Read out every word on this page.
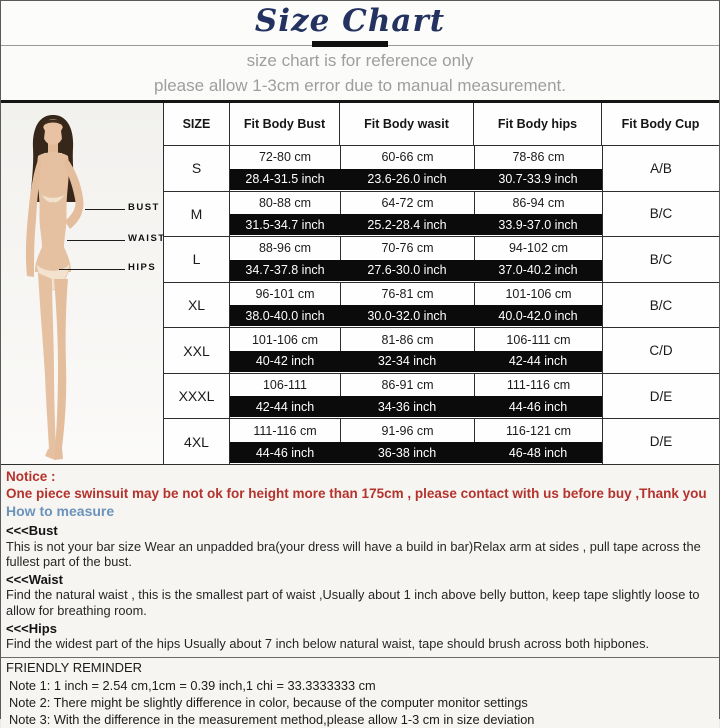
Size Chart
size chart is for reference only
please allow 1-3cm error due to manual measurement.
BUST
WAIST
HIPS
SIZE	Fit Body Bust	Fit Body wasit	Fit Body hips	Fit Body Cup
S
72-80 cm	60-66 cm	78-86 cm
28.4-31.5 inch	23.6-26.0 inch	30.7-33.9 inch
A/B
M
80-88 cm	64-72 cm	86-94 cm
31.5-34.7 inch	25.2-28.4 inch	33.9-37.0 inch
B/C
L
88-96 cm	70-76 cm	94-102 cm
34.7-37.8 inch	27.6-30.0 inch	37.0-40.2 inch
B/C
XL
96-101 cm	76-81 cm	101-106 cm
38.0-40.0 inch	30.0-32.0 inch	40.0-42.0 inch
B/C
XXL
101-106 cm	81-86 cm	106-111 cm
40-42 inch	32-34 inch	42-44 inch
C/D
XXXL
106-111	86-91 cm	111-116 cm
42-44 inch	34-36 inch	44-46 inch
D/E
4XL
111-116 cm	91-96 cm	116-121 cm
44-46 inch	36-38 inch	46-48 inch
D/E
Notice :
One piece swinsuit may be not ok for height more than 175cm , please contact with us before buy ,Thank you
How to measure
<<<Bust
This is not your bar size Wear an unpadded bra(your dress will have a build in bar)Relax arm at sides , pull tape across the fullest part of the bust.
<<<Waist
Find the natural waist , this is the smallest part of waist ,Usually about 1 inch above belly button, keep tape slightly loose to allow for breathing room.
<<<Hips
Find the widest part of the hips Usually about 7 inch below natural waist, tape should brush across both hipbones.
FRIENDLY REMINDER
Note 1: 1 inch = 2.54 cm,1cm = 0.39 inch,1 chi = 33.3333333 cm
Note 2: There might be slightly difference in color, because of the computer monitor settings
Note 3: With the difference in the measurement method,please allow 1-3 cm in size deviation
